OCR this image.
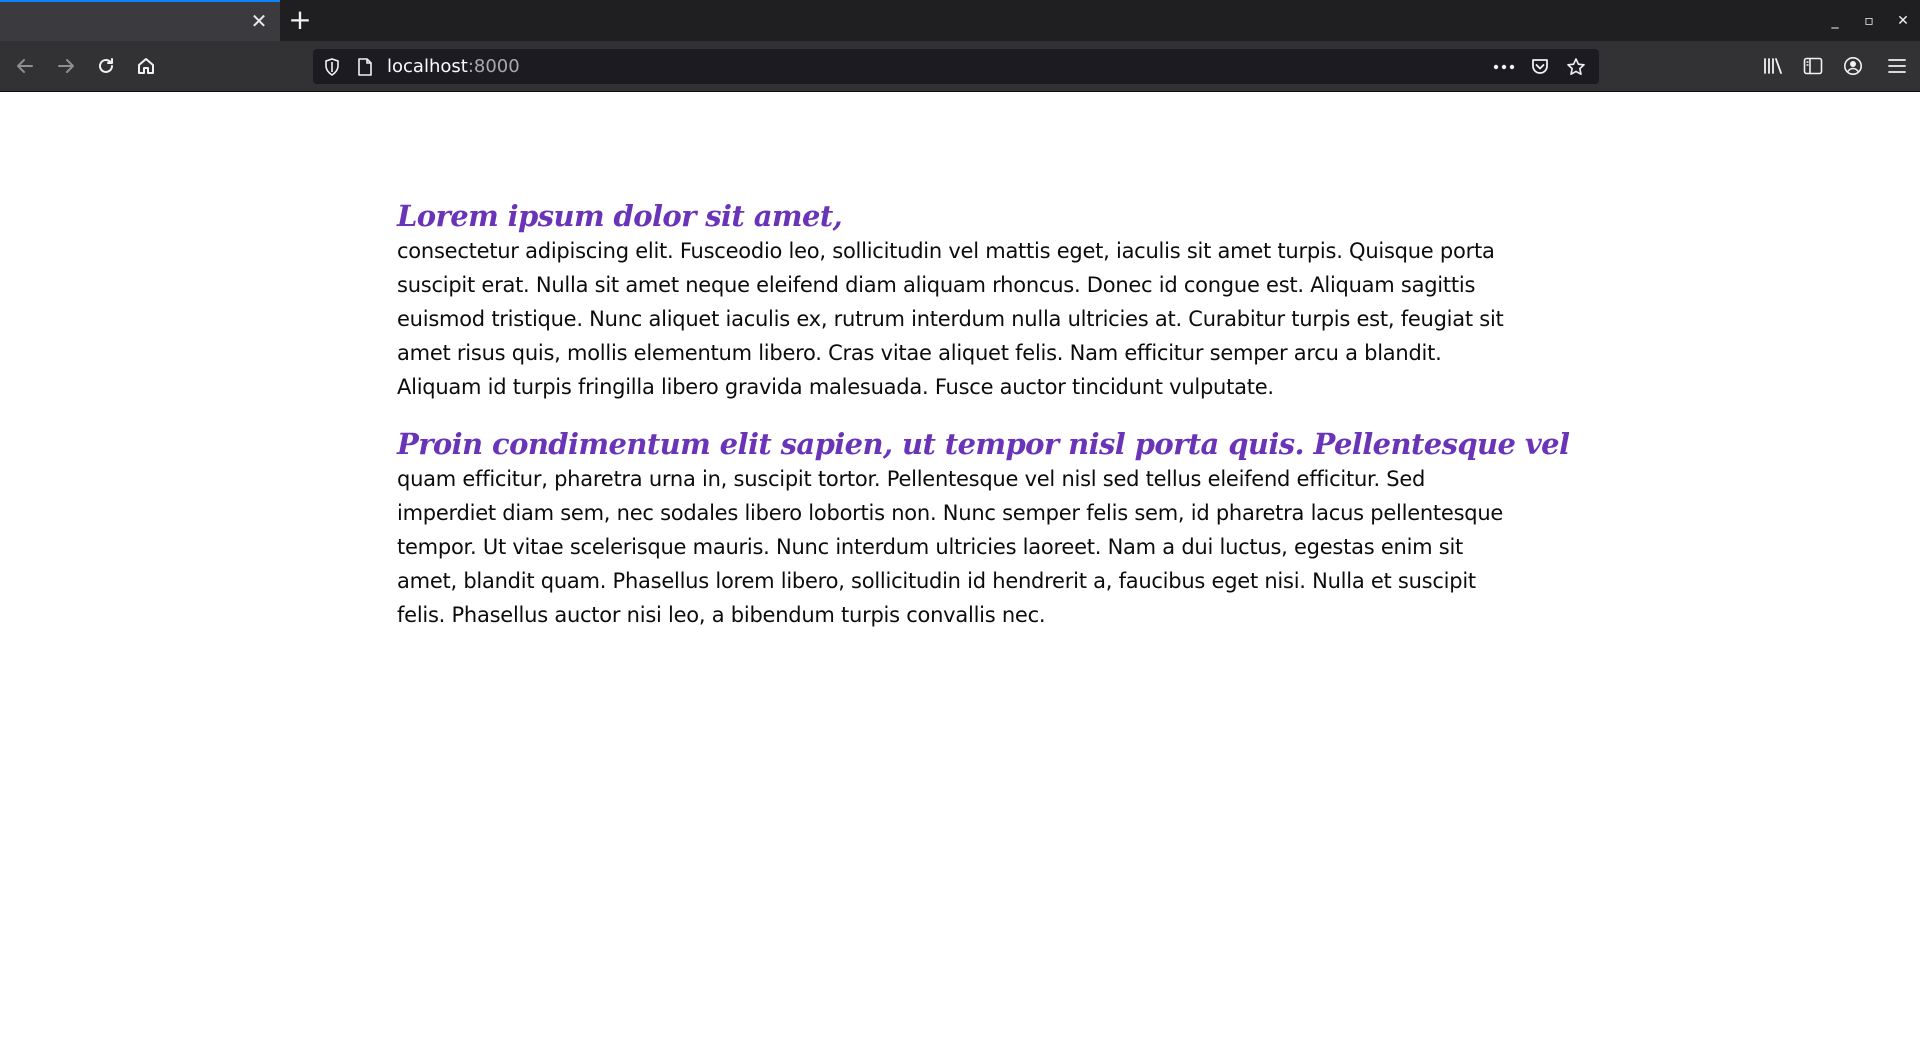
✕ +	_	▫	✕
localhost:8000
Lorem ipsum dolor sit amet,

consectetur adipiscing elit. Fusceodio leo, sollicitudin vel mattis eget, iaculis sit amet turpis. Quisque porta suscipit erat. Nulla sit amet neque eleifend diam aliquam rhoncus. Donec id congue est. Aliquam sagittis euismod tristique. Nunc aliquet iaculis ex, rutrum interdum nulla ultricies at. Curabitur turpis est, feugiat sit amet risus quis, mollis elementum libero. Cras vitae aliquet felis. Nam efficitur semper arcu a blandit. Aliquam id turpis fringilla libero gravida malesuada. Fusce auctor tincidunt vulputate.

Proin condimentum elit sapien, ut tempor nisl porta quis. Pellentesque vel

quam efficitur, pharetra urna in, suscipit tortor. Pellentesque vel nisl sed tellus eleifend efficitur. Sed imperdiet diam sem, nec sodales libero lobortis non. Nunc semper felis sem, id pharetra lacus pellentesque tempor. Ut vitae scelerisque mauris. Nunc interdum ultricies laoreet. Nam a dui luctus, egestas enim sit amet, blandit quam. Phasellus lorem libero, sollicitudin id hendrerit a, faucibus eget nisi. Nulla et suscipit felis. Phasellus auctor nisi leo, a bibendum turpis convallis nec.
